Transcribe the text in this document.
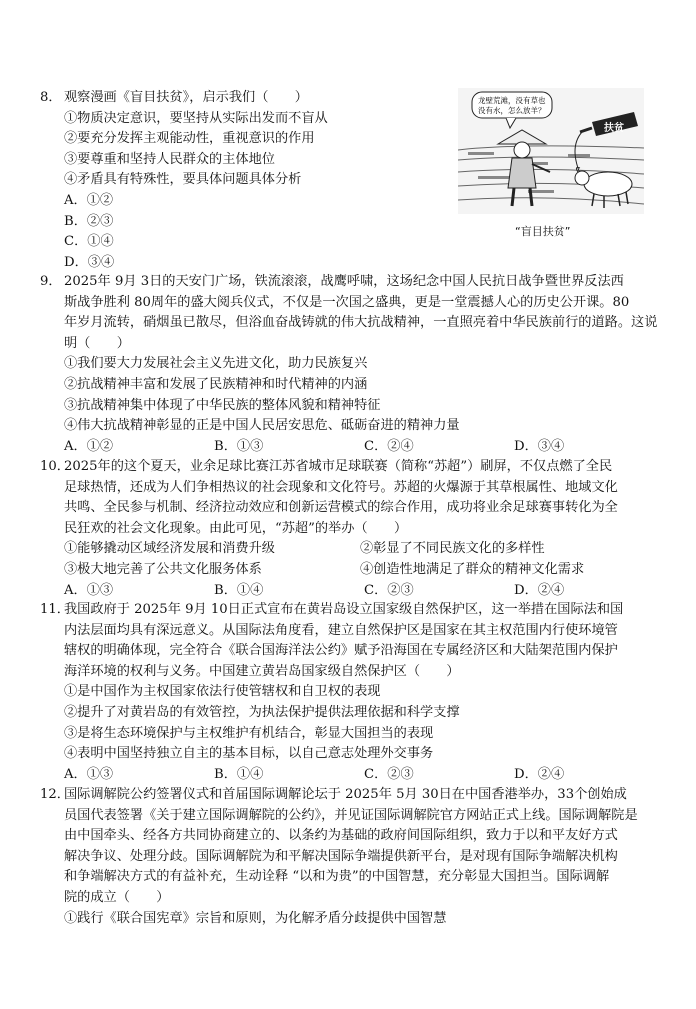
8． 观察漫画《盲目扶贫》，启示我们（　　）
①物质决定意识，要坚持从实际出发而不盲从
②要充分发挥主观能动性，重视意识的作用
③要尊重和坚持人民群众的主体地位
④矛盾具有特殊性，要具体问题具体分析
A．①②
B．②③
C．①④
D．③④
龙壁荒滩，没有草也
没有水，怎么放羊？
扶贫
“盲目扶贫”
9． 2025年 9月 3日的天安门广场，铁流滚滚，战鹰呼啸，这场纪念中国人民抗日战争暨世界反法西
斯战争胜利 80周年的盛大阅兵仪式，不仅是一次国之盛典，更是一堂震撼人心的历史公开课。80
年岁月流转，硝烟虽已散尽，但浴血奋战铸就的伟大抗战精神，一直照亮着中华民族前行的道路。这说
明（　　）
①我们要大力发展社会主义先进文化，助力民族复兴
②抗战精神丰富和发展了民族精神和时代精神的内涵
③抗战精神集中体现了中华民族的整体风貌和精神特征
④伟大抗战精神彰显的正是中国人民居安思危、砥砺奋进的精神力量
A．①②	B．①③	C．②④	D．③④
10．2025年的这个夏天，业余足球比赛江苏省城市足球联赛（简称“苏超”）刷屏，不仅点燃了全民
足球热情，还成为人们争相热议的社会现象和文化符号。苏超的火爆源于其草根属性、地域文化
共鸣、全民参与机制、经济拉动效应和创新运营模式的综合作用，成功将业余足球赛事转化为全
民狂欢的社会文化现象。由此可见，“苏超”的举办（　　）
①能够撬动区域经济发展和消费升级	②彰显了不同民族文化的多样性
③极大地完善了公共文化服务体系	④创造性地满足了群众的精神文化需求
A．①③	B．①④	C．②③	D．②④
11．我国政府于 2025年 9月 10日正式宣布在黄岩岛设立国家级自然保护区，这一举措在国际法和国
内法层面均具有深远意义。从国际法角度看，建立自然保护区是国家在其主权范围内行使环境管
辖权的明确体现，完全符合《联合国海洋法公约》赋予沿海国在专属经济区和大陆架范围内保护
海洋环境的权利与义务。中国建立黄岩岛国家级自然保护区（　　）
①是中国作为主权国家依法行使管辖权和自卫权的表现
②提升了对黄岩岛的有效管控，为执法保护提供法理依据和科学支撑
③是将生态环境保护与主权维护有机结合，彰显大国担当的表现
④表明中国坚持独立自主的基本目标，以自己意志处理外交事务
A．①③	B．①④	C．②③	D．②④
12．国际调解院公约签署仪式和首届国际调解论坛于 2025年 5月 30日在中国香港举办，33个创始成
员国代表签署《关于建立国际调解院的公约》，并见证国际调解院官方网站正式上线。国际调解院是
由中国牵头、经各方共同协商建立的、以条约为基础的政府间国际组织，致力于以和平友好方式
解决争议、处理分歧。国际调解院为和平解决国际争端提供新平台，是对现有国际争端解决机构
和争端解决方式的有益补充，生动诠释 “以和为贵”的中国智慧，充分彰显大国担当。国际调解
院的成立（　　）
①践行《联合国宪章》宗旨和原则，为化解矛盾分歧提供中国智慧
